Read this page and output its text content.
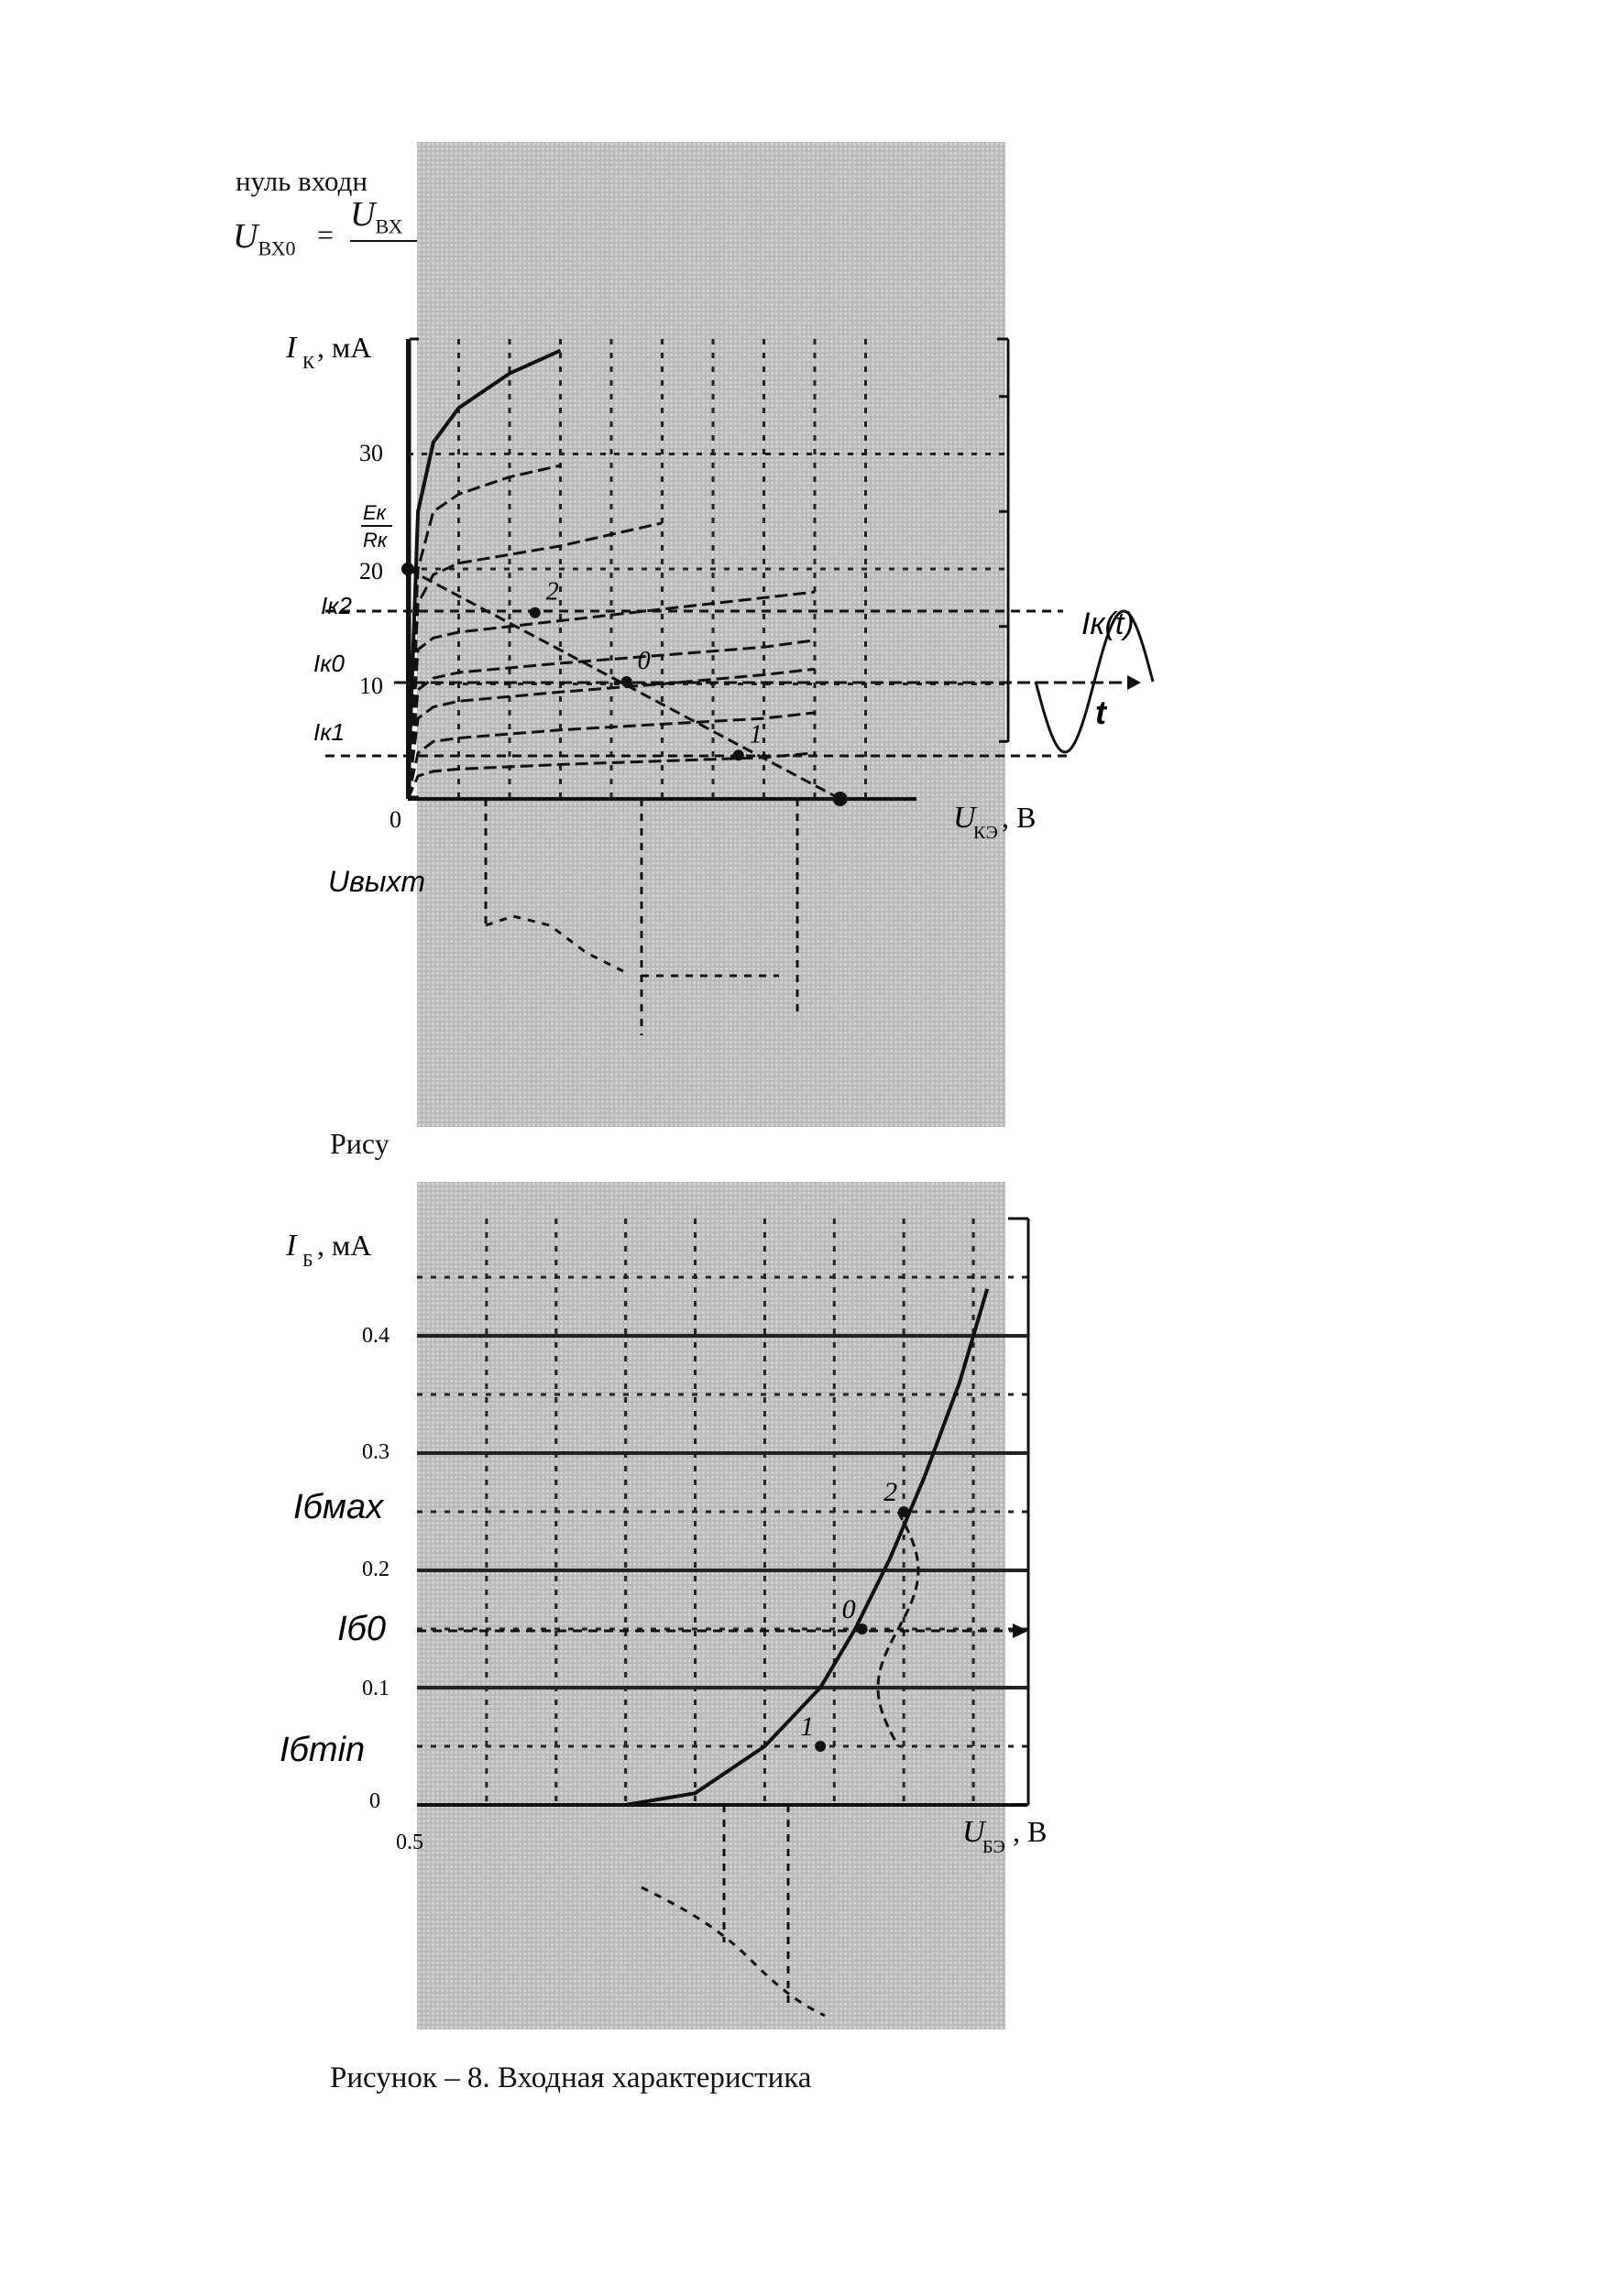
нуль входн
$U_{ВХ0}$ =
$U_{ВХ}$
Рису
I К , мА
30
20
10
0
Ек
Rк
Iк2
Iк0
Iк1
Iк(t)
t
1
0
2
U
КЭ , В
Uвыхm
I Б , мА
0.4
0.3
0.2
0.1
0
0.5
Iбмах
Iб0
Iбmin
1
0
2
U
БЭ , В
Рисунок – 8. Входная характеристика
